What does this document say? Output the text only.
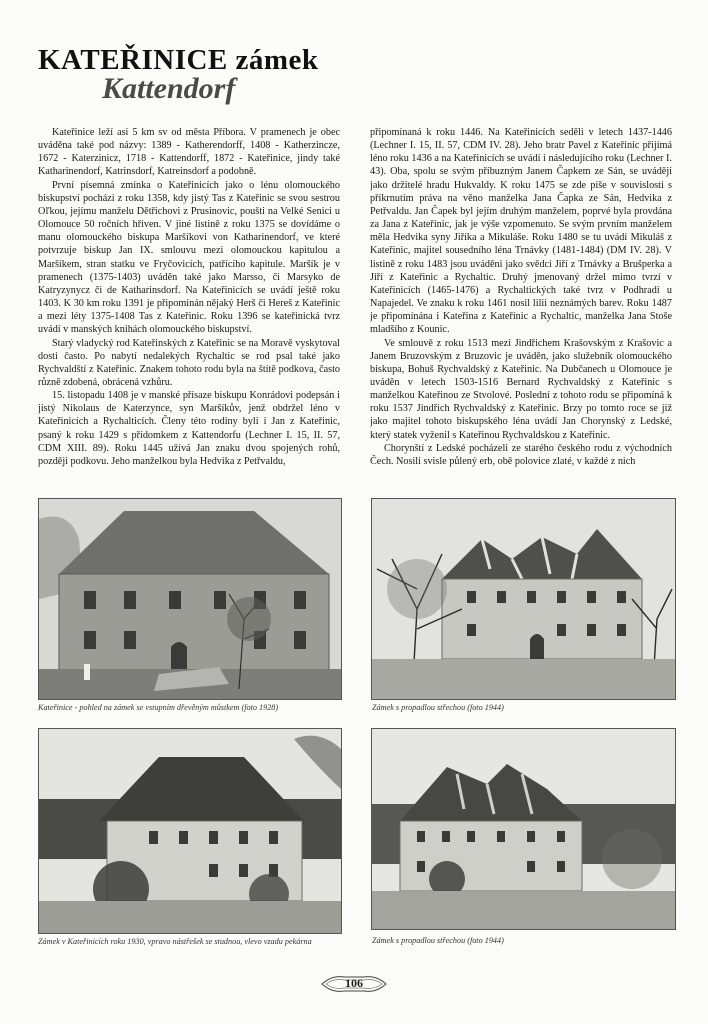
KATEŘINICE zámek
Kattendorf

Kateřinice leží asi 5 km sv od města Příbora. V pramenech je obec uváděna také pod názvy: 1389 - Katherendorff, 1408 - Katherzincze, 1672 - Katerzinicz, 1718 - Kattendorff, 1872 - Kateřinice, jindy také Katharinendorf, Katrinsdorf, Katreinsdorf a podobně.

První písemná zmínka o Kateřinicích jako o lénu olomouckého biskupství pochází z roku 1358, kdy jistý Tas z Kateřinic se svou sestrou Oľkou, jejímu manželu Dětřichovi z Prusinovic, poušti na Velké Senici u Olomouce 50 ročních hřiven. V jiné listině z roku 1375 se dovídáme o manu olomouckého biskupa Maršíkovi von Katharinendorf, ve které potvrzuje biskup Jan IX. smlouvu mezi olomouckou kapitulou a Maršíkem, stran statku ve Fryčovicích, patřícího kapitule. Maršík je v pramenech (1375-1403) uváděn také jako Marsso, či Marsyko de Katryzynycz či de Katharinsdorf. Na Kateřinicích se uvádí ještě roku 1403. K 30 km roku 1391 je připomínán nějaký Herš či Hereš z Kateřinic a mezi léty 1375-1408 Tas z Kateřinic. Roku 1396 se kateřinická tvrz uvádí v manských knihách olomouckého biskupství.

Starý vladycký rod Kateřinských z Kateřinic se na Moravě vyskytoval dosti často. Po nabytí nedalekých Rychaltic se rod psal také jako Rychvaldští z Kateřinic. Znakem tohoto rodu byla na štítě podkova, často různě zdobená, obrácená vzhůru.

15. listopadu 1408 je v manské přísaze biskupu Konrádovi podepsán i jistý Nikolaus de Katerzynce, syn Maršíkův, jenž obdržel léno v Kateřinicích a Rychalticích. Členy této rodiny byli i Jan z Kateřinic, psaný k roku 1429 s přídomkem z Kattendorfu (Lechner I. 15, II. 57, CDM XIII. 89). Roku 1445 užívá Jan znaku dvou spojených rohů, později podkovu. Jeho manželkou byla Hedvika z Petřvaldu,

připomínaná k roku 1446. Na Kateřinicích seděli v letech 1437-1446 (Lechner I. 15, II. 57, CDM IV. 28). Jeho bratr Pavel z Kateřinic přijímá léno roku 1436 a na Kateřinicích se uvádí i následujícího roku (Lechner I. 43). Oba, spolu se svým příbuzným Janem Čapkem ze Sán, se uvádějí jako držitelé hradu Hukvaldy. K roku 1475 se zde píše v souvislosti s příkrnutím práva na věno manželka Jana Čapka ze Sán, Hedvika z Petřvaldu. Jan Čapek byl jejím druhým manželem, poprvé byla provdána za Jana z Kateřinic, jak je výše vzpomenuto. Se svým prvním manželem měla Hedvika syny Jiříka a Mikuláše. Roku 1480 se tu uvádí Mikuláš z Kateřinic, majitel sousedního léna Trnávky (1481-1484) (DM IV. 28). V listině z roku 1483 jsou uváděni jako svědci Jiří z Trnávky a Brušperka a Jiří z Kateřinic a Rychaltic. Druhý jmenovaný držel mimo tvrzí v Kateřinicích (1465-1476) a Rychaltických také tvrz v Podhradí u Napajedel. Ve znaku k roku 1461 nosil lilii neznámých barev. Roku 1487 je připomínána i Kateřina z Kateřinic a Rychaltic, manželka Jana Stoše mladšího z Kounic.

Ve smlouvě z roku 1513 mezi Jindřichem Krašovským z Krašovic a Janem Bruzovským z Bruzovic je uváděn, jako služebník olomouckého biskupa, Bohuš Rychvaldský z Kateřinic. Na Dubčanech u Olomouce je uváděn v letech 1503-1516 Bernard Rychvaldský z Kateřinic s manželkou Kateřinou ze Stvolové. Poslední z tohoto rodu se připomíná k roku 1537 Jindřich Rychvaldský z Kateřinic. Brzy po tomto roce se již jako majitel tohoto biskupského léna uvádí Jan Chorynský z Ledské, který statek vyženil s Kateřinou Rychvaldskou z Kateřinic.

Chorynští z Ledské pocházeli ze starého českého rodu z východních Čech. Nosili svisle půlený erb, obě polovice zlaté, v každé z nich

Kateřinice - pohled na zámek se vstupním dřevěným můstkem (foto 1928)	Zámek s propadlou střechou (foto 1944)

Zámek v Kateřinicích roku 1930, vpravo nástřešek se studnou, vlevo vzadu pekárna	Zámek s propadlou střechou (foto 1944)

106
